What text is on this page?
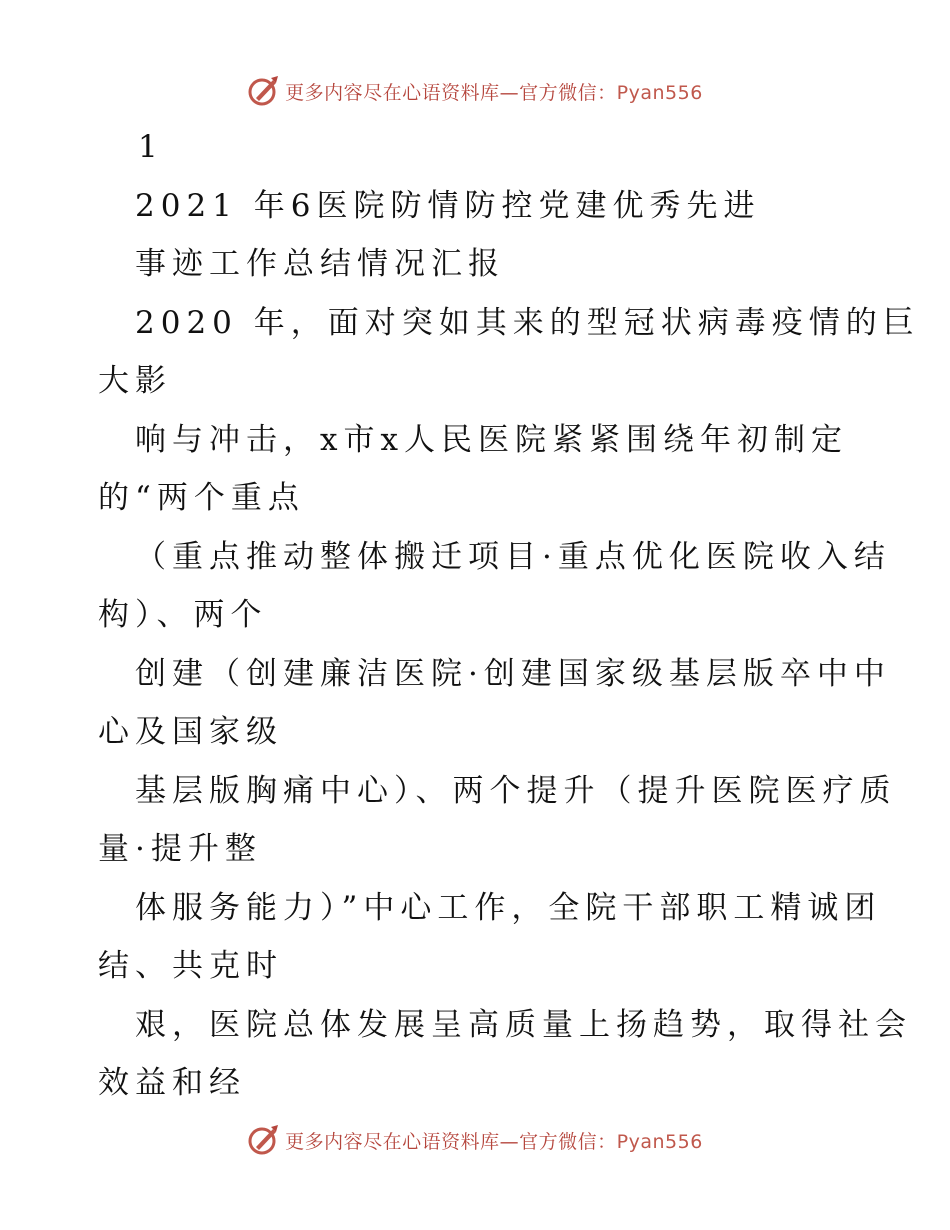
更多内容尽在心语资料库—官方微信：Pyan556
1
2021 年6医院防情防控党建优秀先进
事迹工作总结情况汇报
2020 年，面对突如其来的型冠状病毒疫情的巨
大影
响与冲击，x市x人民医院紧紧围绕年初制定
的“两个重点
（重点推动整体搬迁项目·重点优化医院收入结
构）、两个
创建（创建廉洁医院·创建国家级基层版卒中中
心及国家级
基层版胸痛中心）、两个提升（提升医院医疗质
量·提升整
体服务能力）”中心工作，全院干部职工精诚团
结、共克时
艰，医院总体发展呈高质量上扬趋势，取得社会
效益和经
更多内容尽在心语资料库—官方微信：Pyan556
